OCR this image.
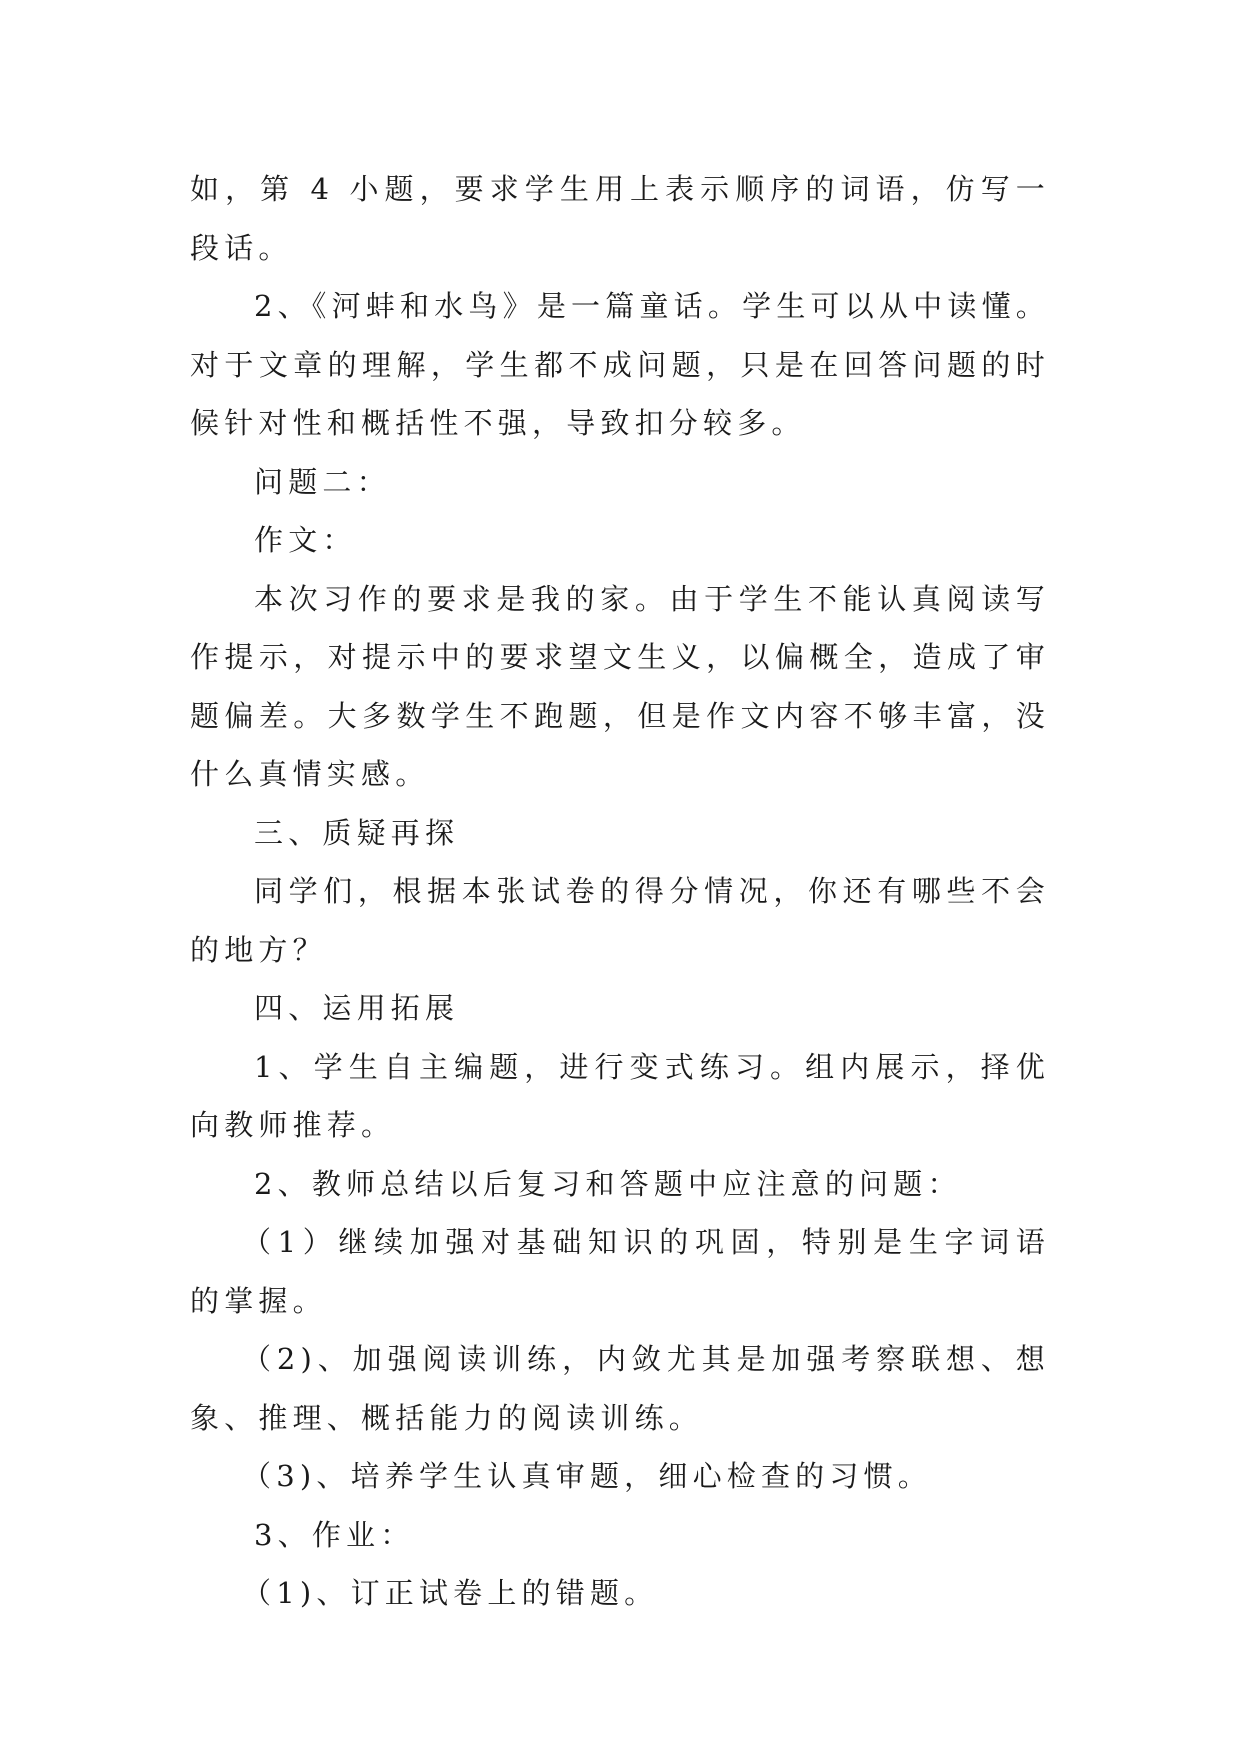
如，第 4 小题，要求学生用上表示顺序的词语，仿写一段话。

2、《河蚌和水鸟》是一篇童话。学生可以从中读懂。对于文章的理解，学生都不成问题，只是在回答问题的时候针对性和概括性不强，导致扣分较多。

问题二：

作文：

本次习作的要求是我的家。由于学生不能认真阅读写作提示，对提示中的要求望文生义，以偏概全，造成了审题偏差。大多数学生不跑题，但是作文内容不够丰富，没什么真情实感。

三、质疑再探

同学们，根据本张试卷的得分情况，你还有哪些不会的地方？

四、运用拓展

1、学生自主编题，进行变式练习。组内展示，择优向教师推荐。

2、教师总结以后复习和答题中应注意的问题：

（1）继续加强对基础知识的巩固，特别是生字词语的掌握。

（2)、加强阅读训练，内敛尤其是加强考察联想、想象、推理、概括能力的阅读训练。

（3)、培养学生认真审题，细心检查的习惯。

3、作业：

（1)、订正试卷上的错题。
